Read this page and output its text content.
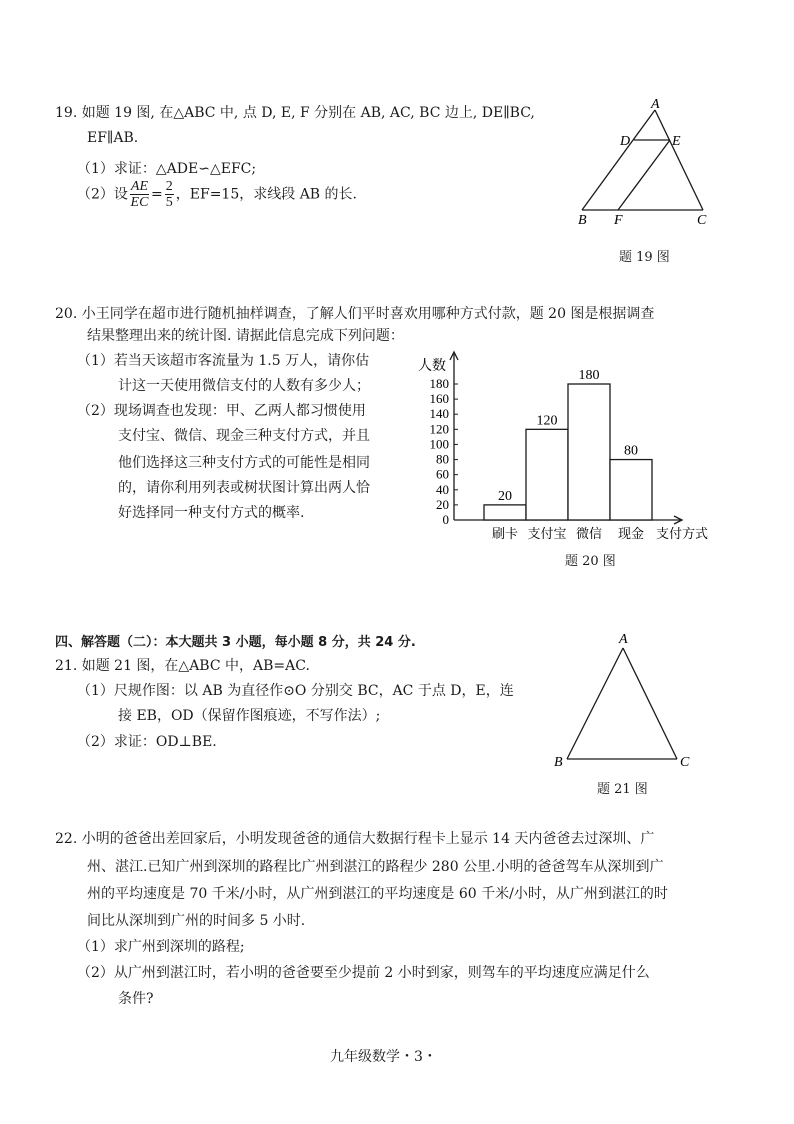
19. 如题 19 图, 在△ABC 中, 点 D, E, F 分别在 AB, AC, BC 边上, DE∥BC,
EF∥AB.
（1）求证：△ADE∽△EFC;
（2）设 $\frac{AE}{EC} = \frac{2}{5}$ ，EF=15，求线段 AB 的长.
A
D	E
B F	C
题 19 图
20. 小王同学在超市进行随机抽样调查，了解人们平时喜欢用哪种方式付款，题 20 图是根据调查
结果整理出来的统计图. 请据此信息完成下列问题：
（1）若当天该超市客流量为 1.5 万人，请你估
计这一天使用微信支付的人数有多少人；
（2）现场调查也发现：甲、乙两人都习惯使用
支付宝、微信、现金三种支付方式，并且
他们选择这三种支付方式的可能性是相同
的，请你利用列表或树状图计算出两人恰
好选择同一种支付方式的概率.	0
20
40
60
80
100
120
140
160
180
人数
支付方式
20
刷卡
120
支付宝
180
微信
80
现金
题 20 图
四、解答题（二）：本大题共 3 小题，每小题 8 分，共 24 分.
21. 如题 21 图，在△ABC 中，AB=AC.
（1）尺规作图：以 AB 为直径作⊙O 分别交 BC，AC 于点 D，E，连
接 EB，OD（保留作图痕迹，不写作法）;
（2）求证：OD⊥BE.
A
B	C
题 21 图
22. 小明的爸爸出差回家后，小明发现爸爸的通信大数据行程卡上显示 14 天内爸爸去过深圳、广
州、湛江.已知广州到深圳的路程比广州到湛江的路程少 280 公里.小明的爸爸驾车从深圳到广
州的平均速度是 70 千米/小时，从广州到湛江的平均速度是 60 千米/小时，从广州到湛江的时
间比从深圳到广州的时间多 5 小时.
（1）求广州到深圳的路程;
（2）从广州到湛江时，若小明的爸爸要至少提前 2 小时到家，则驾车的平均速度应满足什么
条件?
九年级数学・3・
